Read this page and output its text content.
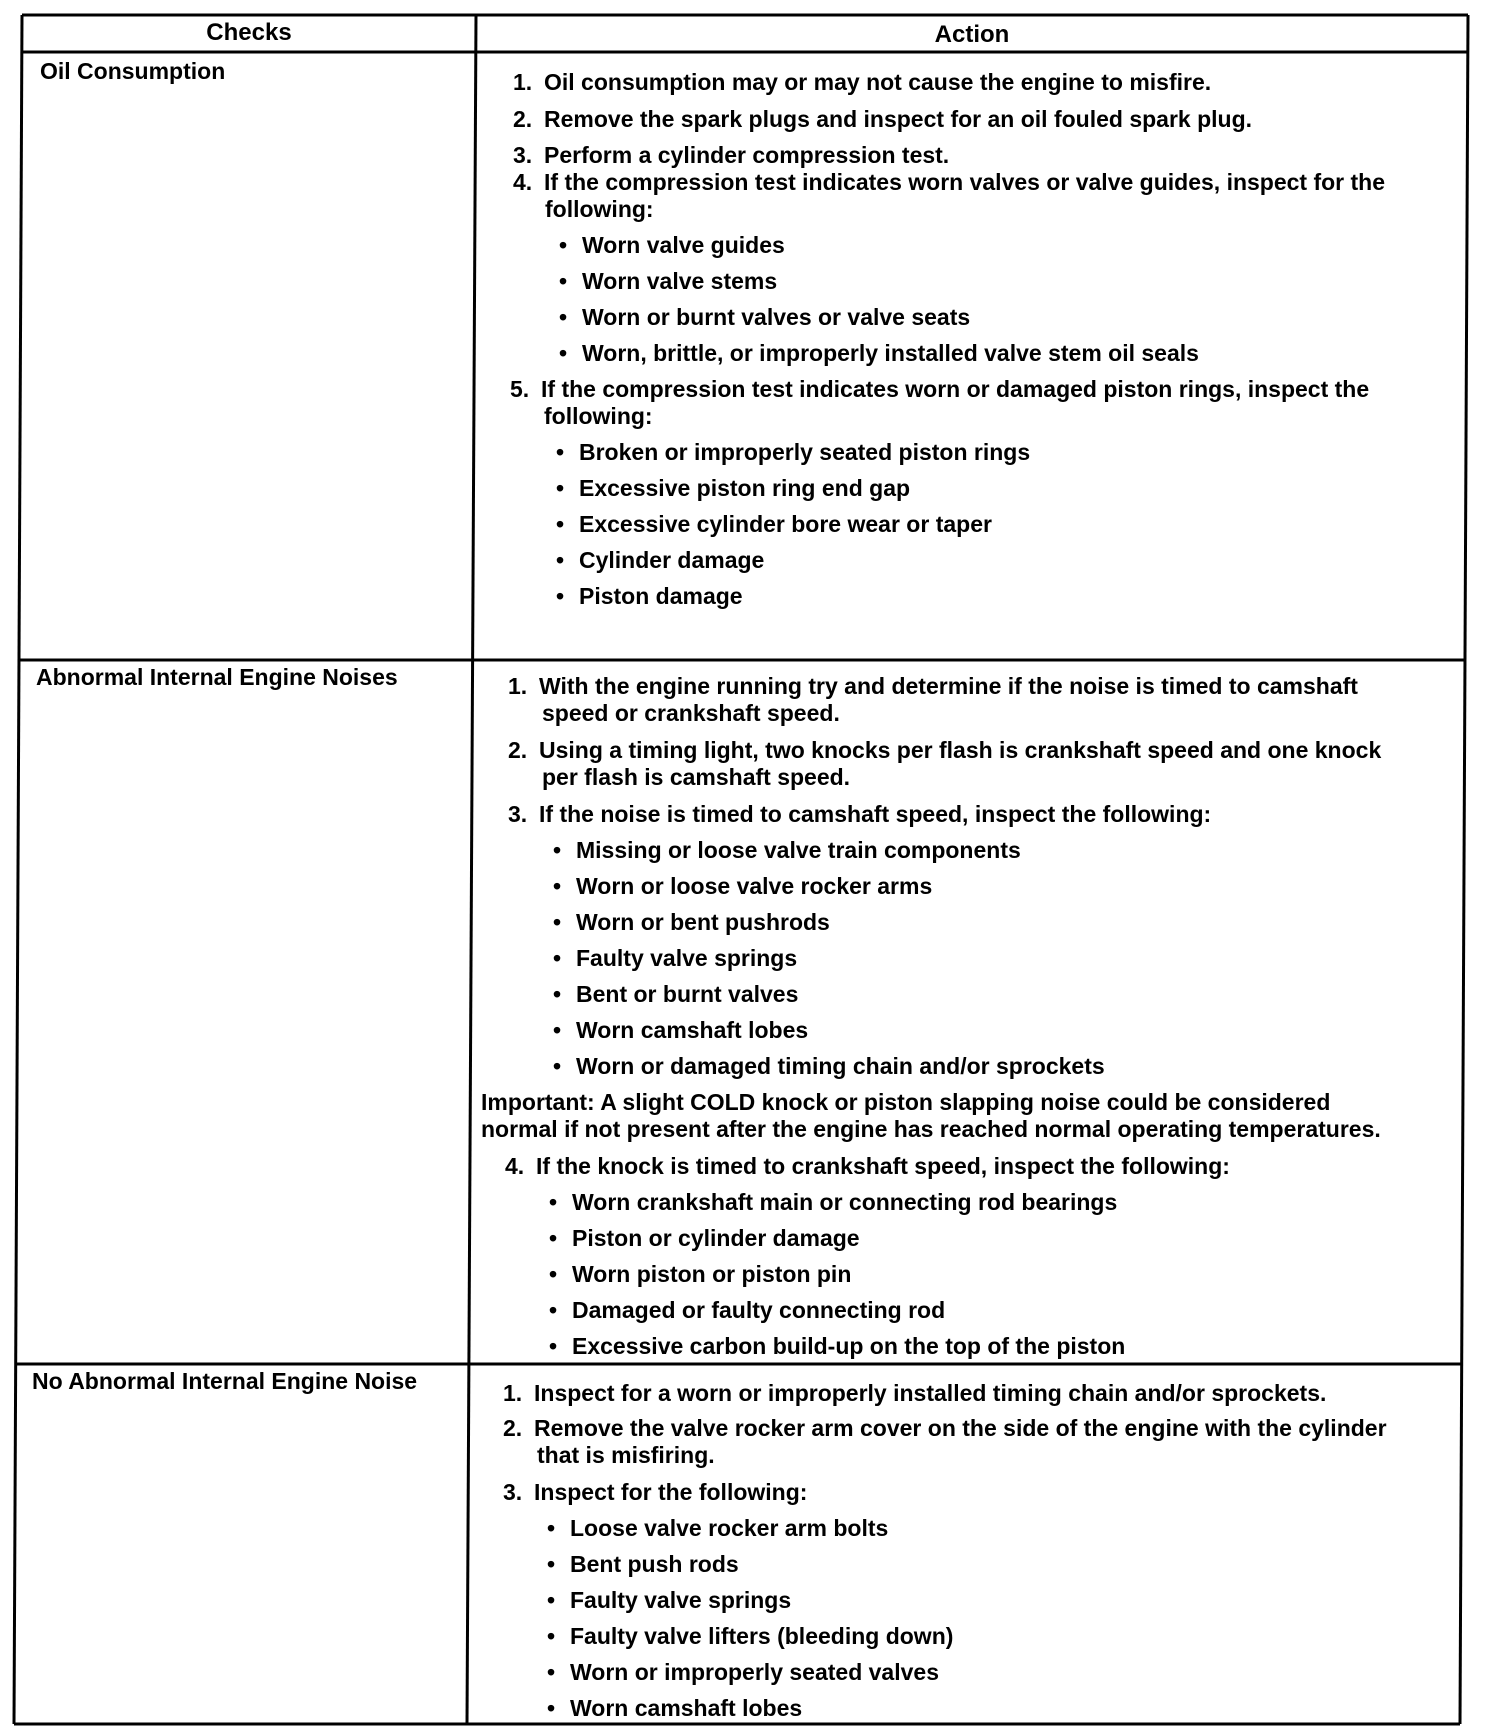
Checks	Action

Oil Consumption	1. Oil consumption may or may not cause the engine to misfire.

2. Remove the spark plugs and inspect for an oil fouled spark plug.

3. Perform a cylinder compression test.

4. If the compression test indicates worn valves or valve guides, inspect for the

following:

• Worn valve guides

• Worn valve stems

• Worn or burnt valves or valve seats

• Worn, brittle, or improperly installed valve stem oil seals

5. If the compression test indicates worn or damaged piston rings, inspect the

following:

• Broken or improperly seated piston rings

• Excessive piston ring end gap

• Excessive cylinder bore wear or taper

• Cylinder damage

• Piston damage

Abnormal Internal Engine Noises	1. With the engine running try and determine if the noise is timed to camshaft

speed or crankshaft speed.

2. Using a timing light, two knocks per flash is crankshaft speed and one knock

per flash is camshaft speed.

3. If the noise is timed to camshaft speed, inspect the following:

• Missing or loose valve train components

• Worn or loose valve rocker arms

• Worn or bent pushrods

• Faulty valve springs

• Bent or burnt valves

• Worn camshaft lobes

• Worn or damaged timing chain and/or sprockets

Important: A slight COLD knock or piston slapping noise could be considered

normal if not present after the engine has reached normal operating temperatures.

4. If the knock is timed to crankshaft speed, inspect the following:

• Worn crankshaft main or connecting rod bearings

• Piston or cylinder damage

• Worn piston or piston pin

• Damaged or faulty connecting rod

• Excessive carbon build-up on the top of the piston

No Abnormal Internal Engine Noise	1. Inspect for a worn or improperly installed timing chain and/or sprockets.

2. Remove the valve rocker arm cover on the side of the engine with the cylinder

that is misfiring.

3. Inspect for the following:

• Loose valve rocker arm bolts

• Bent push rods

• Faulty valve springs

• Faulty valve lifters (bleeding down)

• Worn or improperly seated valves

• Worn camshaft lobes
